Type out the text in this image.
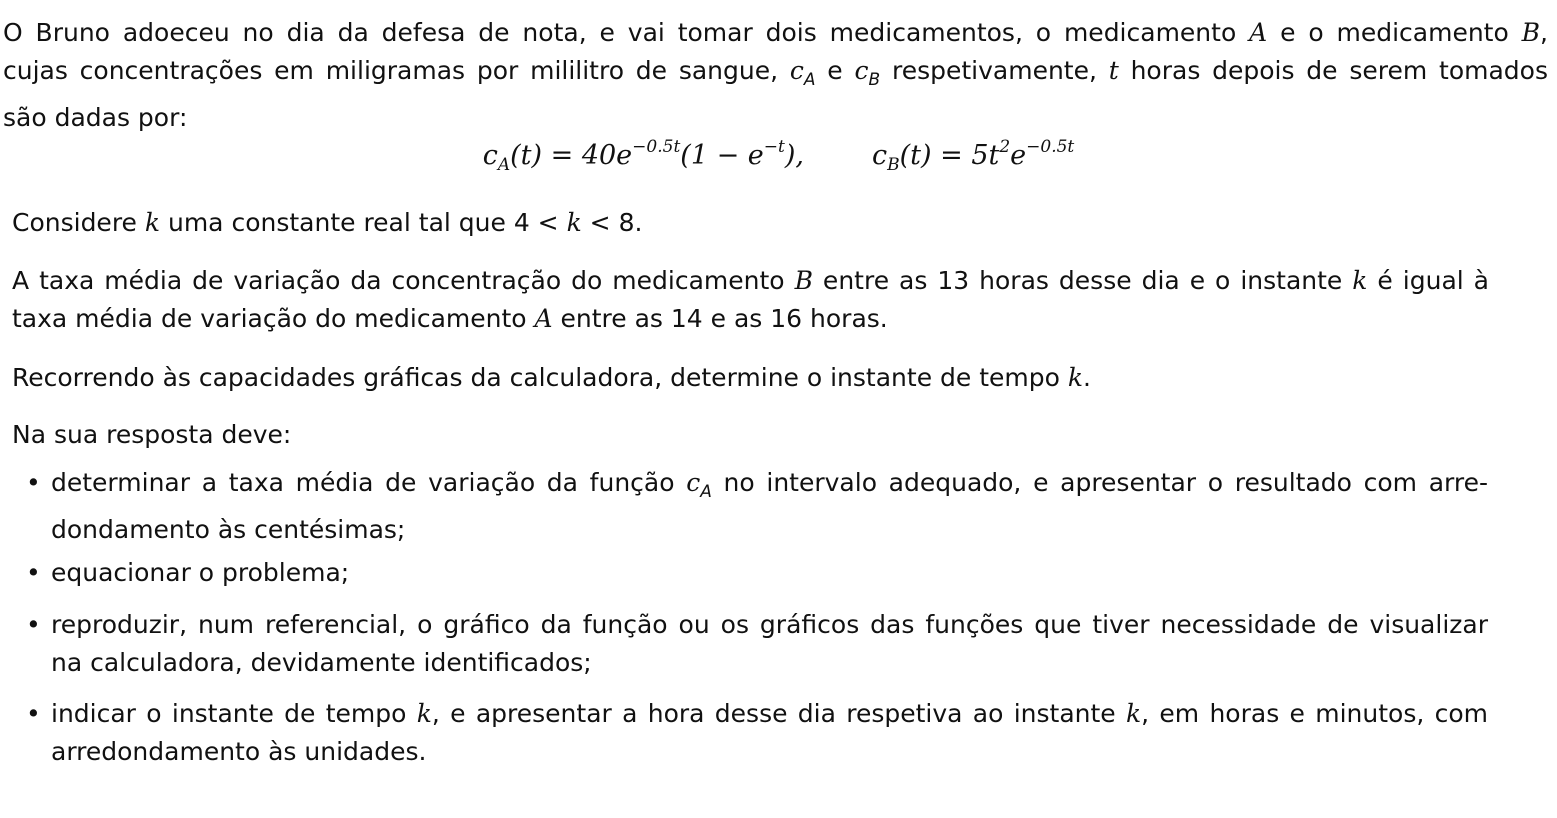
O Bruno adoeceu no dia da defesa de nota, e vai tomar dois medicamentos, o medicamento A e o medicamento B,
cujas concentrações em miligramas por mililitro de sangue, $c_A$ e $c_B$ respetivamente, t horas depois de serem tomados
são dadas por:
$c_A(t) = 40e^{-0.5t}(1 - e^{-t})$,	$c_B(t) = 5t^2e^{-0.5t}$
Considere k uma constante real tal que 4 < k < 8.
A taxa média de variação da concentração do medicamento B entre as 13 horas desse dia e o instante k é igual à
taxa média de variação do medicamento A entre as 14 e as 16 horas.
Recorrendo às capacidades gráficas da calculadora, determine o instante de tempo k.
Na sua resposta deve:
• determinar a taxa média de variação da função $c_A$ no intervalo adequado, e apresentar o resultado com arre-
dondamento às centésimas;
• equacionar o problema;
• reproduzir, num referencial, o gráfico da função ou os gráficos das funções que tiver necessidade de visualizar
na calculadora, devidamente identificados;
• indicar o instante de tempo k, e apresentar a hora desse dia respetiva ao instante k, em horas e minutos, com
arredondamento às unidades.
